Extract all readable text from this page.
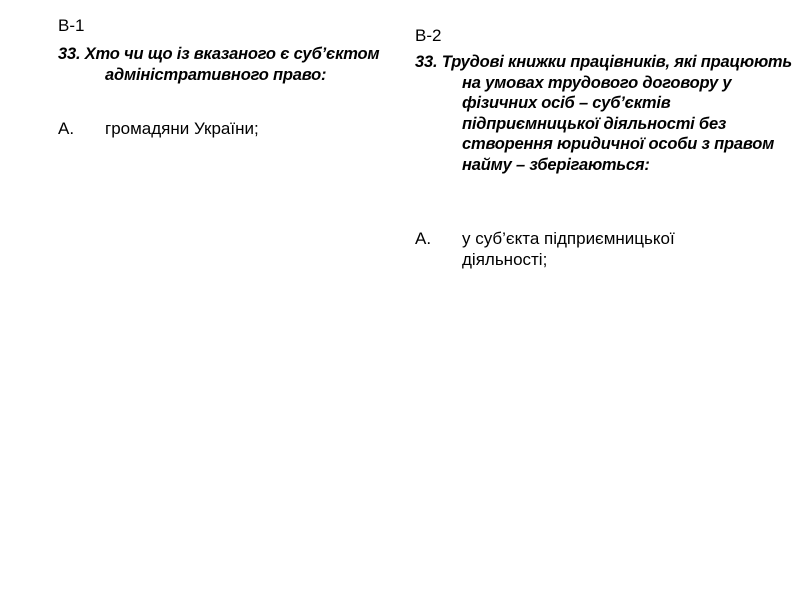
В-1

33. Хто чи що із вказаного є суб’єктом адміністративного право:

А.	громадяни України;

В-2

33. Трудові книжки працівників, які працюють на умовах трудового договору у фізичних осіб – суб’єктів підприємницької діяльності без створення юридичної особи з правом найму – зберігаються:

А.	у суб’єкта підприємницької діяльності;
